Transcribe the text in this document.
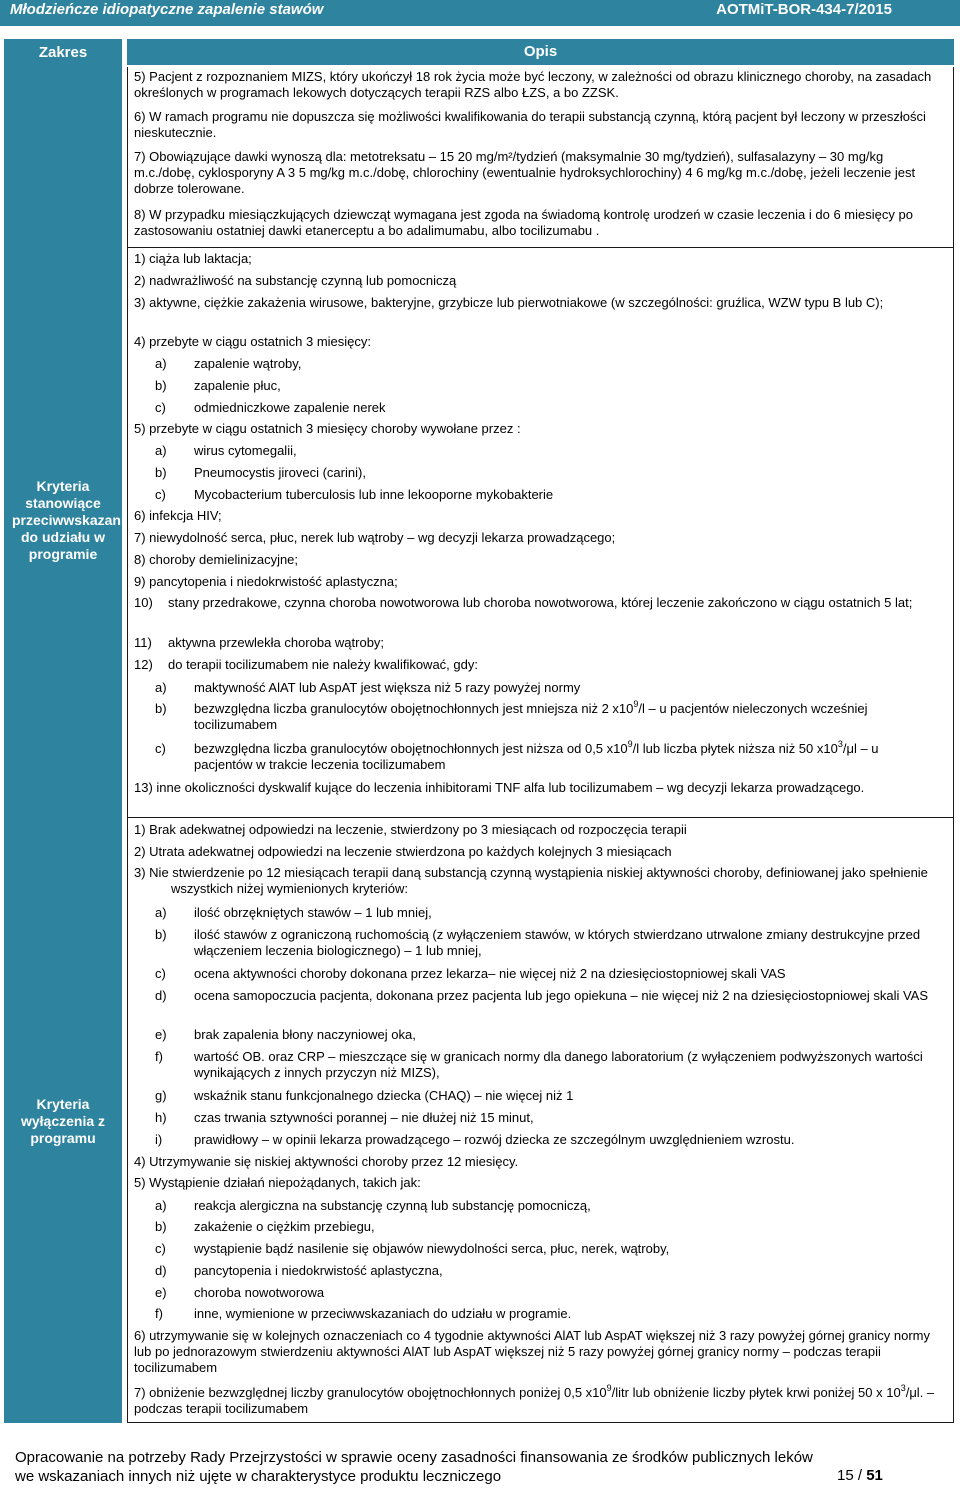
Młodzieńcze idiopatyczne zapalenie stawów	AOTMiT-BOR-434-7/2015
Zakres
Kryteria stanowiące przeciwwskazania do udziału w programie
Kryteria wyłączenia z programu
Opis

5) Pacjent z rozpoznaniem MIZS, który ukończył 18 rok życia może być leczony, w zależności od obrazu klinicznego choroby, na zasadach określonych w programach lekowych dotyczących terapii RZS albo ŁZS, a bo ZZSK.

6) W ramach programu nie dopuszcza się możliwości kwalifikowania do terapii substancją czynną, którą pacjent był leczony w przeszłości nieskutecznie.

7) Obowiązujące dawki wynoszą dla: metotreksatu – 15 20 mg/m²/tydzień (maksymalnie 30 mg/tydzień), sulfasalazyny – 30 mg/kg m.c./dobę, cyklosporyny A 3 5 mg/kg m.c./dobę, chlorochiny (ewentualnie hydroksychlorochiny) 4 6 mg/kg m.c./dobę, jeżeli leczenie jest dobrze tolerowane.

8) W przypadku miesiączkujących dziewcząt wymagana jest zgoda na świadomą kontrolę urodzeń w czasie leczenia i do 6 miesięcy po zastosowaniu ostatniej dawki etanerceptu a bo adalimumabu, albo tocilizumabu .

1) ciąża lub laktacja;

2) nadwrażliwość na substancję czynną lub pomocniczą

3) aktywne, ciężkie zakażenia wirusowe, bakteryjne, grzybicze lub pierwotniakowe (w szczególności: gruźlica, WZW typu B lub C);

4) przebyte w ciągu ostatnich 3 miesięcy:

a) zapalenie wątroby,
b) zapalenie płuc,
c) odmiedniczkowe zapalenie nerek

5) przebyte w ciągu ostatnich 3 miesięcy choroby wywołane przez :

a) wirus cytomegalii,
b) Pneumocystis jiroveci (carini),
c) Mycobacterium tuberculosis lub inne lekooporne mykobakterie

6) infekcja HIV;

7) niewydolność serca, płuc, nerek lub wątroby – wg decyzji lekarza prowadzącego;

8) choroby demielinizacyjne;

9) pancytopenia i niedokrwistość aplastyczna;

10) stany przedrakowe, czynna choroba nowotworowa lub choroba nowotworowa, której leczenie zakończono w ciągu ostatnich 5 lat;
11) aktywna przewlekła choroba wątroby;
12) do terapii tocilizumabem nie należy kwalifikować, gdy:
a) maktywność AlAT lub AspAT jest większa niż 5 razy powyżej normy
b) bezwzględna liczba granulocytów obojętnochłonnych jest mniejsza niż 2 $x10^9/l$ – u pacjentów nieleczonych wcześniej tocilizumabem
c) bezwzględna liczba granulocytów obojętnochłonnych jest niższa od 0,5 $x10^9/l$ lub liczba płytek niższa niż 50 $x10^3/\mu l$ – u pacjentów w trakcie leczenia tocilizumabem

13) inne okoliczności dyskwalif kujące do leczenia inhibitorami TNF alfa lub tocilizumabem – wg decyzji lekarza prowadzącego.

1) Brak adekwatnej odpowiedzi na leczenie, stwierdzony po 3 miesiącach od rozpoczęcia terapii

2) Utrata adekwatnej odpowiedzi na leczenie stwierdzona po każdych kolejnych 3 miesiącach

3) Nie stwierdzenie po 12 miesiącach terapii daną substancją czynną wystąpienia niskiej aktywności choroby, definiowanej jako spełnienie wszystkich niżej wymienionych kryteriów:

a) ilość obrzękniętych stawów – 1 lub mniej,
b) ilość stawów z ograniczoną ruchomością (z wyłączeniem stawów, w których stwierdzano utrwalone zmiany destrukcyjne przed włączeniem leczenia biologicznego) – 1 lub mniej,
c) ocena aktywności choroby dokonana przez lekarza– nie więcej niż 2 na dziesięciostopniowej skali VAS
d) ocena samopoczucia pacjenta, dokonana przez pacjenta lub jego opiekuna – nie więcej niż 2 na dziesięciostopniowej skali VAS
e) brak zapalenia błony naczyniowej oka,
f) wartość OB. oraz CRP – mieszczące się w granicach normy dla danego laboratorium (z wyłączeniem podwyższonych wartości wynikających z innych przyczyn niż MIZS),
g) wskaźnik stanu funkcjonalnego dziecka (CHAQ) – nie więcej niż 1
h) czas trwania sztywności porannej – nie dłużej niż 15 minut,
i) prawidłowy – w opinii lekarza prowadzącego – rozwój dziecka ze szczególnym uwzględnieniem wzrostu.

4) Utrzymywanie się niskiej aktywności choroby przez 12 miesięcy.

5) Wystąpienie działań niepożądanych, takich jak:

a) reakcja alergiczna na substancję czynną lub substancję pomocniczą,
b) zakażenie o ciężkim przebiegu,
c) wystąpienie bądź nasilenie się objawów niewydolności serca, płuc, nerek, wątroby,
d) pancytopenia i niedokrwistość aplastyczna,
e) choroba nowotworowa
f) inne, wymienione w przeciwwskazaniach do udziału w programie.

6) utrzymywanie się w kolejnych oznaczeniach co 4 tygodnie aktywności AlAT lub AspAT większej niż 3 razy powyżej górnej granicy normy lub po jednorazowym stwierdzeniu aktywności AlAT lub AspAT większej niż 5 razy powyżej górnej granicy normy – podczas terapii tocilizumabem

7) obniżenie bezwzględnej liczby granulocytów obojętnochłonnych poniżej 0,5 $x10^9$/litr lub obniżenie liczby płytek krwi poniżej 50 x $10^3/\mu l$. – podczas terapii tocilizumabem

Opracowanie na potrzeby Rady Przejrzystości w sprawie oceny zasadności finansowania ze środków publicznych leków
we wskazaniach innych niż ujęte w charakterystyce produktu leczniczego	15 / 51
